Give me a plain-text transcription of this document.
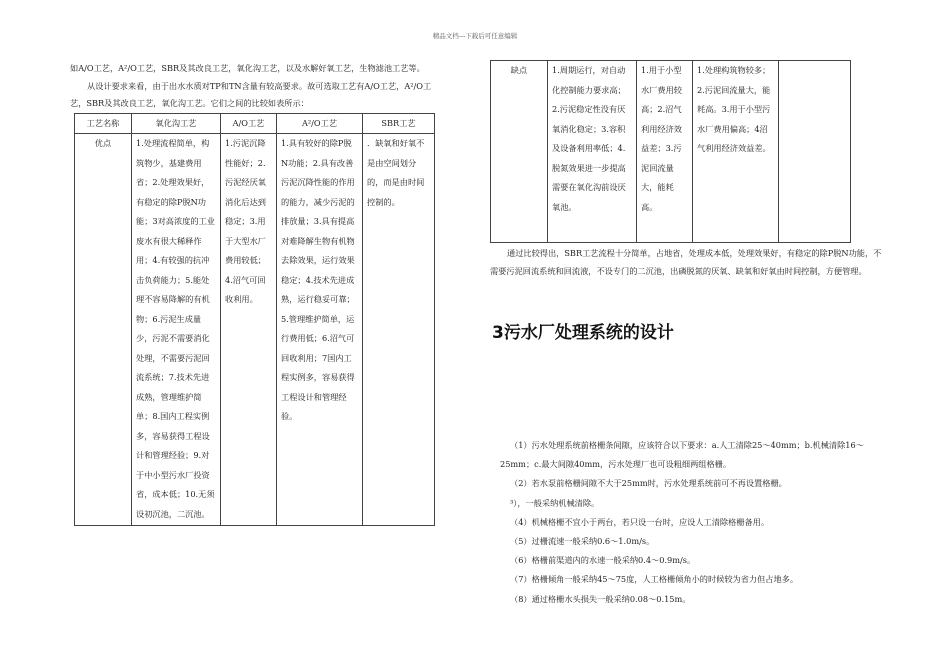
精品文档---下载后可任意编辑

如A/O工艺，A²/O工艺，SBR及其改良工艺，氧化沟工艺，以及水解好氧工艺，生物滤池工艺等。

从设计要求来看，由于出水水质对TP和TN含量有较高要求。故可选取工艺有A/O工艺，A²/O工艺，SBR及其改良工艺，氧化沟工艺。它们之间的比较如表所示：

工艺名称	氧化沟工艺	A/O工艺	A²/O工艺	SBR工艺
优点	1.处理流程简单，构筑物少，基建费用省；2.处理效果好，有稳定的除P脱N功能；3对高浓度的工业废水有很大稀释作用；4.有较强的抗冲击负荷能力；5.能处理不容易降解的有机物；6.污泥生成量少，污泥不需要消化处理，不需要污泥回流系统；7.技术先进成熟，管理维护简单；8.国内工程实例多，容易获得工程设计和管理经验；9.对于中小型污水厂投资省，成本低；10.无须设初沉池，二沉池。	1.污泥沉降性能好；2.污泥经厌氧消化后达到稳定；3.用于大型水厂费用较低；4.沼气可回收利用。	1.具有较好的除P脱N功能；2.具有改善污泥沉降性能的作用的能力，减少污泥的排放量；3.具有提高对难降解生物有机物去除效果，运行效果稳定；4.技术先进成熟，运行稳妥可靠；5.管理维护简单，运行费用低；6.沼气可回收利用；7国内工程实例多，容易获得工程设计和管理经验。	．缺氧和好氧不是由空间划分的，而是由时间控制的。
缺点	1.周期运行，对自动化控制能力要求高；2.污泥稳定性没有厌氧消化稳定；3.容积及设备利用率低；4.脱氮效果进一步提高需要在氧化沟前设厌氧池。	1.用于小型水厂费用较高；2.沼气利用经济效益差；3.污泥回流量大，能耗高。	1.处理构筑物较多；2.污泥回流量大，能耗高。3.用于小型污水厂费用偏高；4沼气利用经济效益差。	

通过比较得出，SBR工艺流程十分简单，占地省，处理成本低，处理效果好，有稳定的除P脱N功能，不需要污泥回流系统和回流液，不设专门的二沉池，出磷脱氮的厌氧、缺氧和好氧由时间控制，方便管理。

3污水厂处理系统的设计

（1）污水处理系统前格栅条间隙，应该符合以下要求：a.人工清除25～40mm；b.机械清除16～25mm；c.最大间隙40mm，污水处理厂也可设粗细两组格栅。

（2）若水泵前格栅间隙不大于25mm时，污水处理系统前可不再设置格栅。

³），一般采纳机械清除。

（4）机械格栅不宜小于两台，若只设一台时，应设人工清除格栅备用。

（5）过栅流速一般采纳0.6～1.0m/s。

（6）格栅前渠道内的水速一般采纳0.4～0.9m/s。

（7）格栅倾角一般采纳45～75度，人工格栅倾角小的时候较为省力但占地多。

（8）通过格栅水头损失一般采纳0.08～0.15m。
